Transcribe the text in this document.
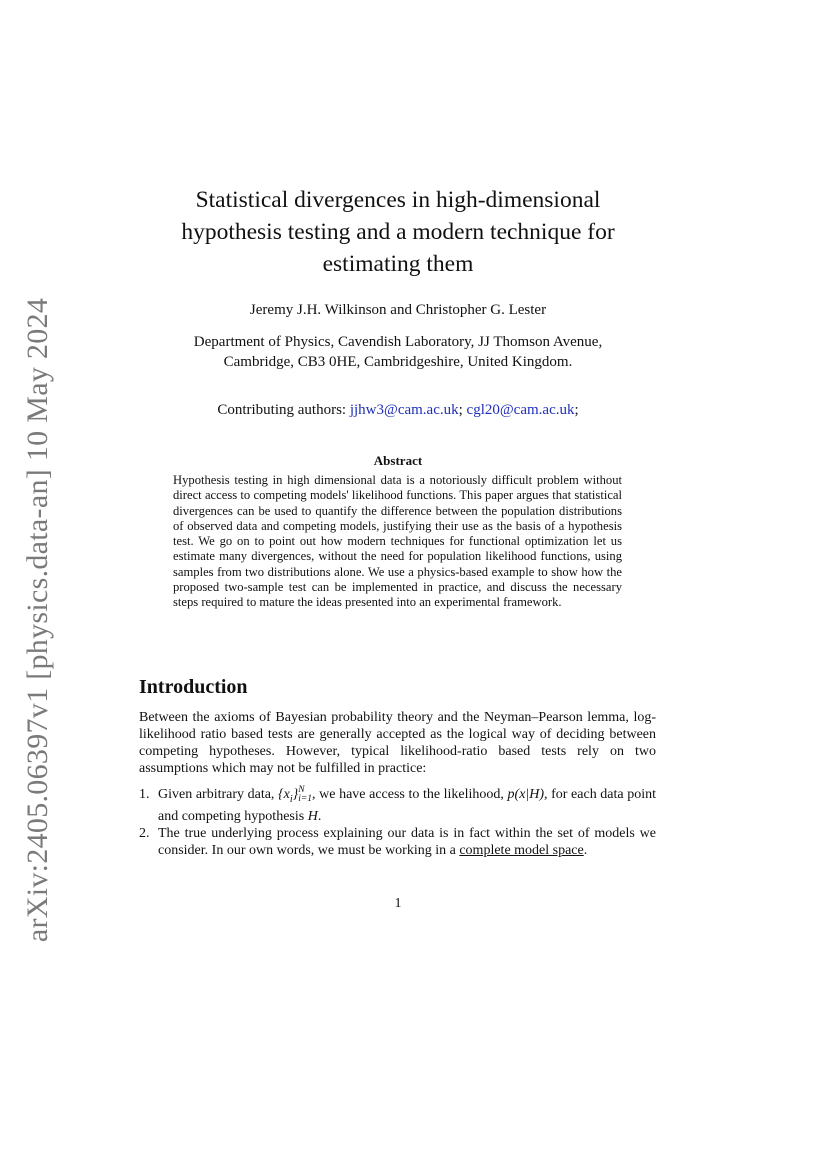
arXiv:2405.06397v1 [physics.data-an] 10 May 2024
Statistical divergences in high-dimensional
hypothesis testing and a modern technique for
estimating them
Jeremy J.H. Wilkinson and Christopher G. Lester
Department of Physics, Cavendish Laboratory, JJ Thomson Avenue,
Cambridge, CB3 0HE, Cambridgeshire, United Kingdom.
Contributing authors: jjhw3@cam.ac.uk; cgl20@cam.ac.uk;
Abstract
Hypothesis testing in high dimensional data is a notoriously difficult problem without direct access to competing models' likelihood functions. This paper argues that statistical divergences can be used to quantify the difference between the population distributions of observed data and competing models, justifying their use as the basis of a hypothesis test. We go on to point out how modern techniques for functional optimization let us estimate many divergences, without the need for population likelihood functions, using samples from two distributions alone. We use a physics-based example to show how the proposed two-sample test can be implemented in practice, and discuss the necessary steps required to mature the ideas presented into an experimental framework.
Introduction
Between the axioms of Bayesian probability theory and the Neyman–Pearson lemma, log-likelihood ratio based tests are generally accepted as the logical way of deciding between competing hypotheses. However, typical likelihood-ratio based tests rely on two assumptions which may not be fulfilled in practice:
1. Given arbitrary data, $\{x_i\}$ N
i=1 , we have access to the likelihood, p(x|H), for each data point and competing hypothesis H.
2. The true underlying process explaining our data is in fact within the set of models we consider. In our own words, we must be working in a complete model space.
1
